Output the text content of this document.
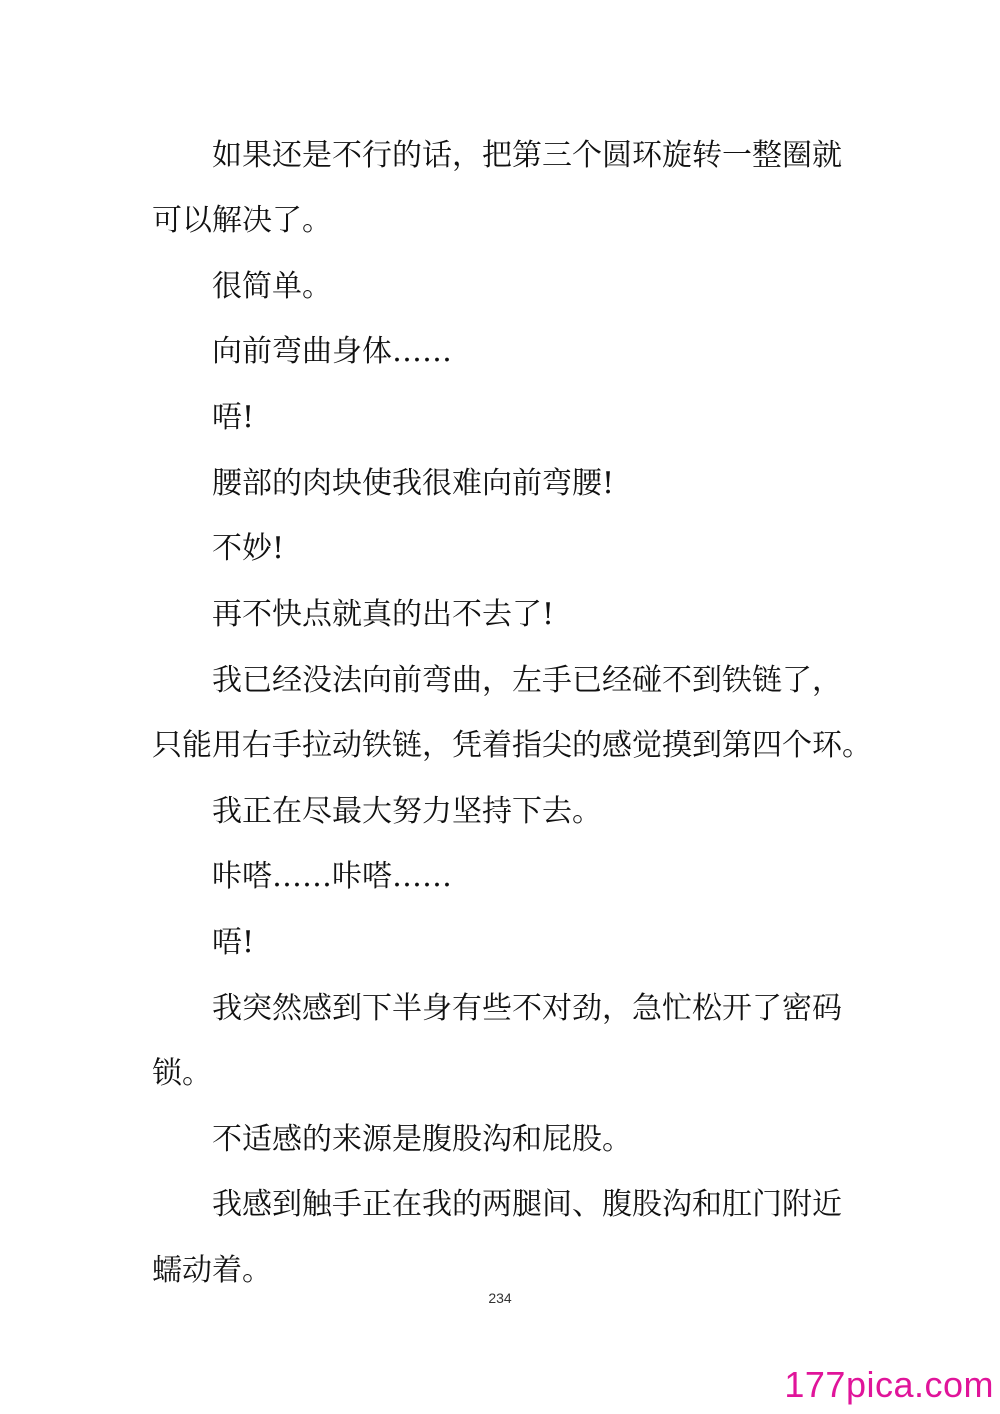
如果还是不行的话，把第三个圆环旋转一整圈就
可以解决了。
很简单。
向前弯曲身体……
唔!
腰部的肉块使我很难向前弯腰!
不妙!
再不快点就真的出不去了!
我已经没法向前弯曲，左手已经碰不到铁链了，
只能用右手拉动铁链，凭着指尖的感觉摸到第四个环。
我正在尽最大努力坚持下去。
咔嗒……咔嗒……
唔!
我突然感到下半身有些不对劲，急忙松开了密码
锁。
不适感的来源是腹股沟和屁股。
我感到触手正在我的两腿间、腹股沟和肛门附近
蠕动着。
234
177pica.com
